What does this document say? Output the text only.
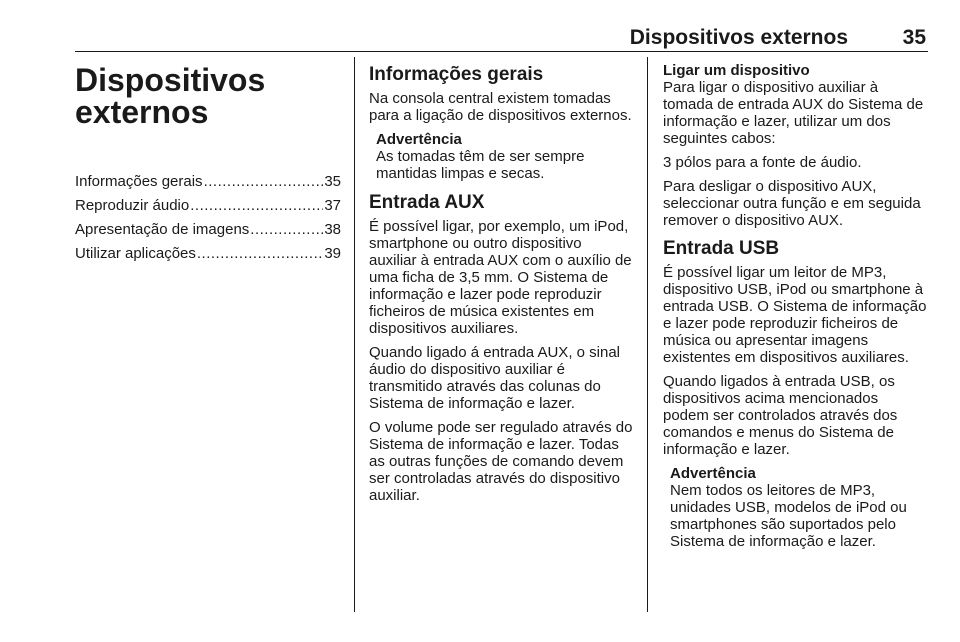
Dispositivos externos	35
Dispositivos
externos
Informações gerais .....	35
Reproduzir áudio .....	37
Apresentação de imagens .....	38
Utilizar aplicações .....	39
Informações gerais

Na consola central existem tomadas para a ligação de dispositivos externos.

Advertência
As tomadas têm de ser sempre mantidas limpas e secas.
Entrada AUX

É possível ligar, por exemplo, um iPod, smartphone ou outro dispositivo auxiliar à entrada AUX com o auxílio de uma ficha de 3,5 mm. O Sistema de informação e lazer pode reproduzir ficheiros de música existentes em dispositivos auxiliares.

Quando ligado á entrada AUX, o sinal áudio do dispositivo auxiliar é transmitido através das colunas do Sistema de informação e lazer.

O volume pode ser regulado através do Sistema de informação e lazer. Todas as outras funções de comando devem ser controladas através do dispositivo auxiliar.

Ligar um dispositivo

Para ligar o dispositivo auxiliar à tomada de entrada AUX do Sistema de informação e lazer, utilizar um dos seguintes cabos:

3 pólos para a fonte de áudio.

Para desligar o dispositivo AUX, seleccionar outra função e em seguida remover o dispositivo AUX.

Entrada USB

É possível ligar um leitor de MP3, dispositivo USB, iPod ou smartphone à entrada USB. O Sistema de informação e lazer pode reproduzir ficheiros de música ou apresentar imagens existentes em dispositivos auxiliares.

Quando ligados à entrada USB, os dispositivos acima mencionados podem ser controlados através dos comandos e menus do Sistema de informação e lazer.

Advertência
Nem todos os leitores de MP3, unidades USB, modelos de iPod ou smartphones são suportados pelo Sistema de informação e lazer.
